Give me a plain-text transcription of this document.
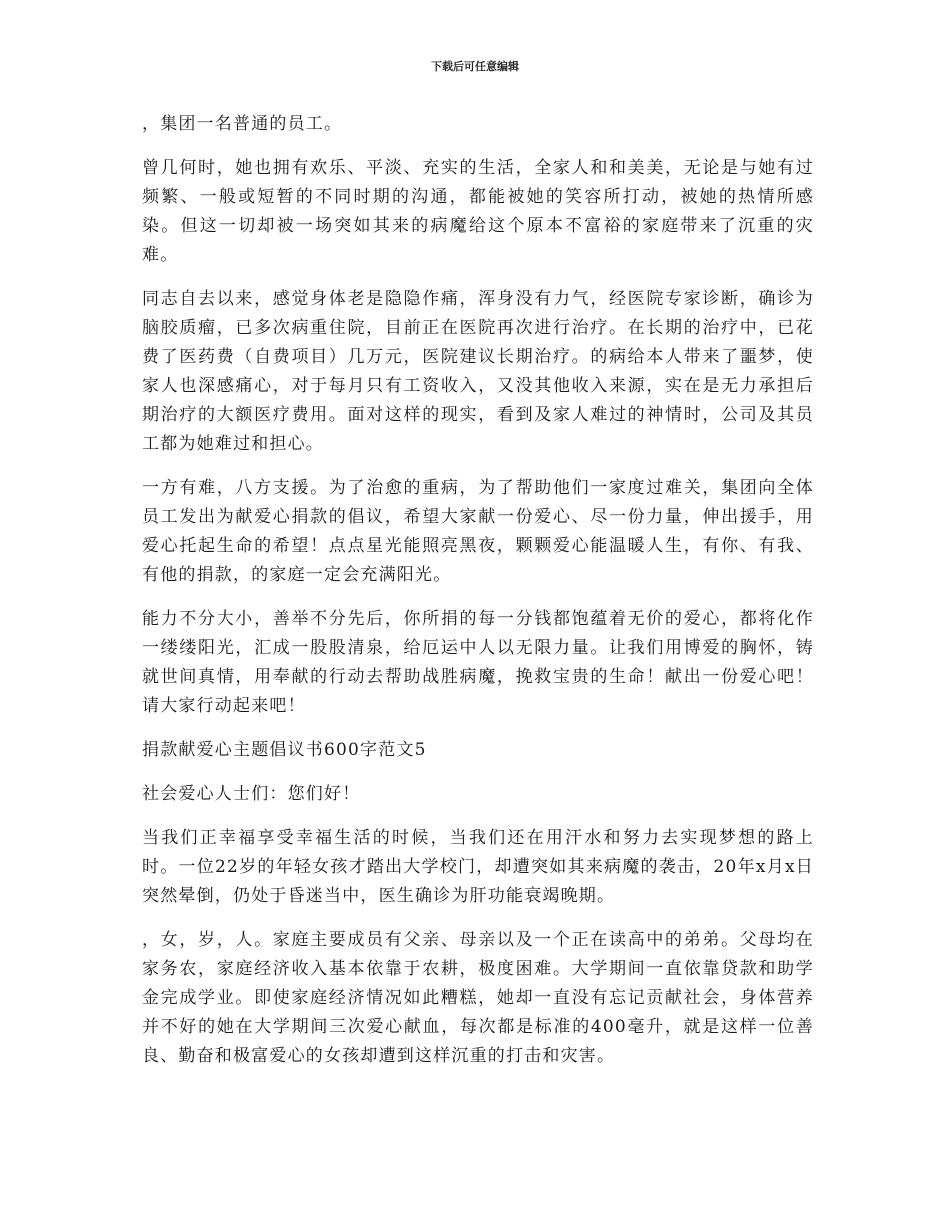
下载后可任意编辑

，集团一名普通的员工。

曾几何时，她也拥有欢乐、平淡、充实的生活，全家人和和美美，无论是与她有过频繁、一般或短暂的不同时期的沟通，都能被她的笑容所打动，被她的热情所感染。但这一切却被一场突如其来的病魔给这个原本不富裕的家庭带来了沉重的灾难。

同志自去以来，感觉身体老是隐隐作痛，浑身没有力气，经医院专家诊断，确诊为脑胶质瘤，已多次病重住院，目前正在医院再次进行治疗。在长期的治疗中，已花费了医药费（自费项目）几万元，医院建议长期治疗。的病给本人带来了噩梦，使家人也深感痛心，对于每月只有工资收入，又没其他收入来源，实在是无力承担后期治疗的大额医疗费用。面对这样的现实，看到及家人难过的神情时，公司及其员工都为她难过和担心。

一方有难，八方支援。为了治愈的重病，为了帮助他们一家度过难关，集团向全体员工发出为献爱心捐款的倡议，希望大家献一份爱心、尽一份力量，伸出援手，用爱心托起生命的希望！点点星光能照亮黑夜，颗颗爱心能温暖人生，有你、有我、有他的捐款，的家庭一定会充满阳光。

能力不分大小，善举不分先后，你所捐的每一分钱都饱蕴着无价的爱心，都将化作一缕缕阳光，汇成一股股清泉，给厄运中人以无限力量。让我们用博爱的胸怀，铸就世间真情，用奉献的行动去帮助战胜病魔，挽救宝贵的生命！献出一份爱心吧！请大家行动起来吧！

捐款献爱心主题倡议书600字范文5

社会爱心人士们：您们好！

当我们正幸福享受幸福生活的时候，当我们还在用汗水和努力去实现梦想的路上时。一位22岁的年轻女孩才踏出大学校门，却遭突如其来病魔的袭击，20年x月x日突然晕倒，仍处于昏迷当中，医生确诊为肝功能衰竭晚期。

，女，岁，人。家庭主要成员有父亲、母亲以及一个正在读高中的弟弟。父母均在家务农，家庭经济收入基本依靠于农耕，极度困难。大学期间一直依靠贷款和助学金完成学业。即使家庭经济情况如此糟糕，她却一直没有忘记贡献社会，身体营养并不好的她在大学期间三次爱心献血，每次都是标准的400毫升，就是这样一位善良、勤奋和极富爱心的女孩却遭到这样沉重的打击和灾害。
